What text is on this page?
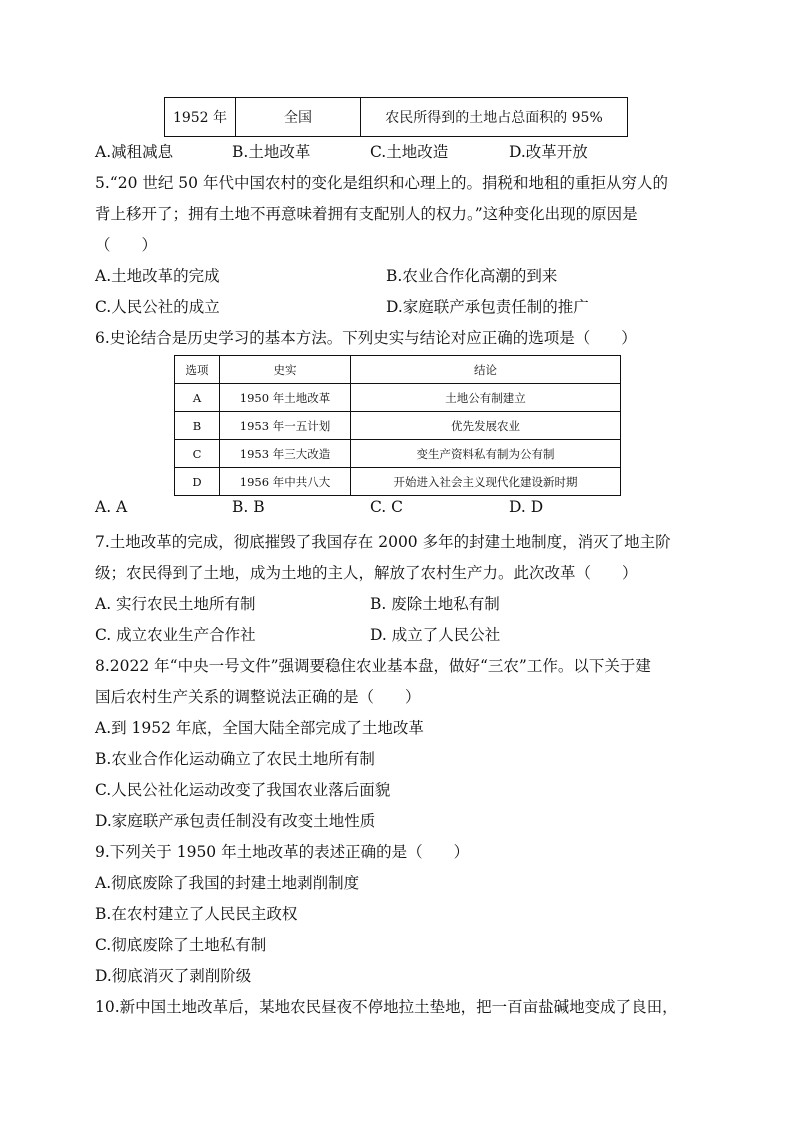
1952 年	全国	农民所得到的土地占总面积的 95%
A.减租减息	B.土地改革	C.土地改造	D.改革开放
5.“20 世纪 50 年代中国农村的变化是组织和心理上的。捐税和地租的重拒从穷人的
背上移开了；拥有土地不再意味着拥有支配别人的权力。”这种变化出现的原因是
（　　）
A.土地改革的完成	B.农业合作化高潮的到来
C.人民公社的成立	D.家庭联产承包责任制的推广
6.史论结合是历史学习的基本方法。下列史实与结论对应正确的选项是（　　）
选项	史实	结论
A	1950 年土地改革	土地公有制建立
B	1953 年一五计划	优先发展农业
C	1953 年三大改造	变生产资料私有制为公有制
D	1956 年中共八大	开始进入社会主义现代化建设新时期
A. A	B. B	C. C	D. D
7.土地改革的完成，彻底摧毁了我国存在 2000 多年的封建土地制度，消灭了地主阶
级；农民得到了土地，成为土地的主人，解放了农村生产力。此次改革（　　）
A. 实行农民土地所有制	B. 废除土地私有制
C. 成立农业生产合作社	D. 成立了人民公社
8.2022 年“中央一号文件”强调要稳住农业基本盘，做好“三农”工作。以下关于建
国后农村生产关系的调整说法正确的是（　　）
A.到 1952 年底，全国大陆全部完成了土地改革
B.农业合作化运动确立了农民土地所有制
C.人民公社化运动改变了我国农业落后面貌
D.家庭联产承包责任制没有改变土地性质
9.下列关于 1950 年土地改革的表述正确的是（　　）
A.彻底废除了我国的封建土地剥削制度
B.在农村建立了人民民主政权
C.彻底废除了土地私有制
D.彻底消灭了剥削阶级
10.新中国土地改革后，某地农民昼夜不停地拉土垫地，把一百亩盐碱地变成了良田，
